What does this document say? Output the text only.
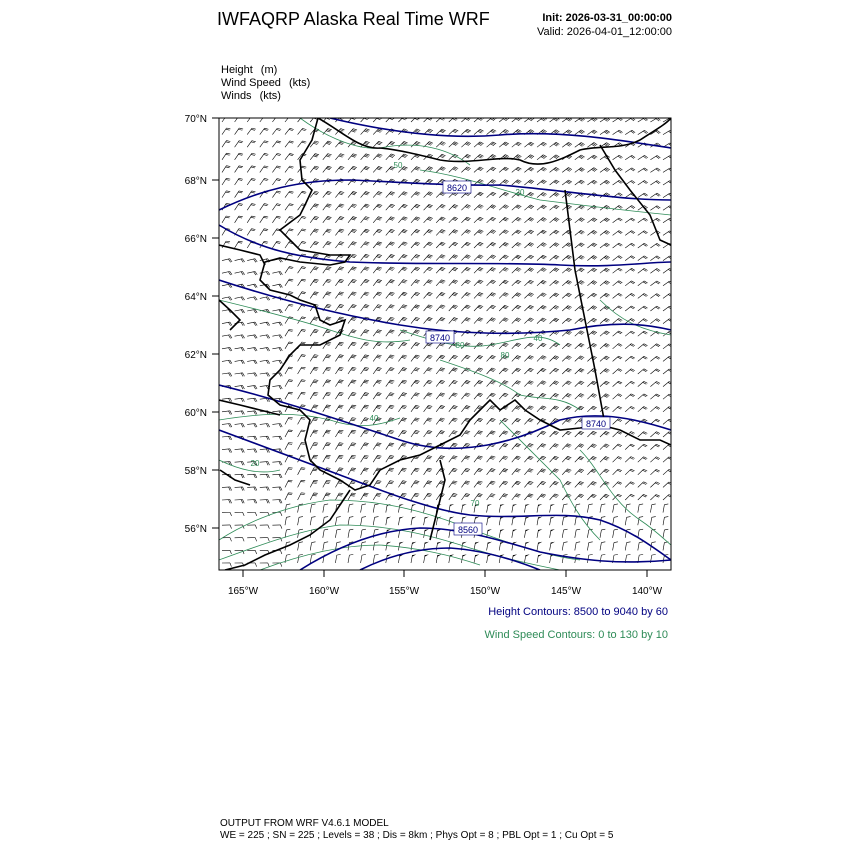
IWFAQRP Alaska Real Time WRF	Init: 2026-03-31_00:00:00
Valid: 2026-04-01_12:00:00
Height (m)
Wind Speed (kts)
Winds (kts)
8620
8740
8740
8560
50
80
80
40
40
20
70
20
70°N
68°N
66°N
64°N
62°N
60°N
58°N
56°N
165°W	160°W	155°W	150°W	145°W	140°W
Height Contours: 8500 to 9040 by 60
Wind Speed Contours: 0 to 130 by 10
OUTPUT FROM WRF V4.6.1 MODEL
WE = 225 ; SN = 225 ; Levels = 38 ; Dis = 8km ; Phys Opt = 8 ; PBL Opt = 1 ; Cu Opt = 5
